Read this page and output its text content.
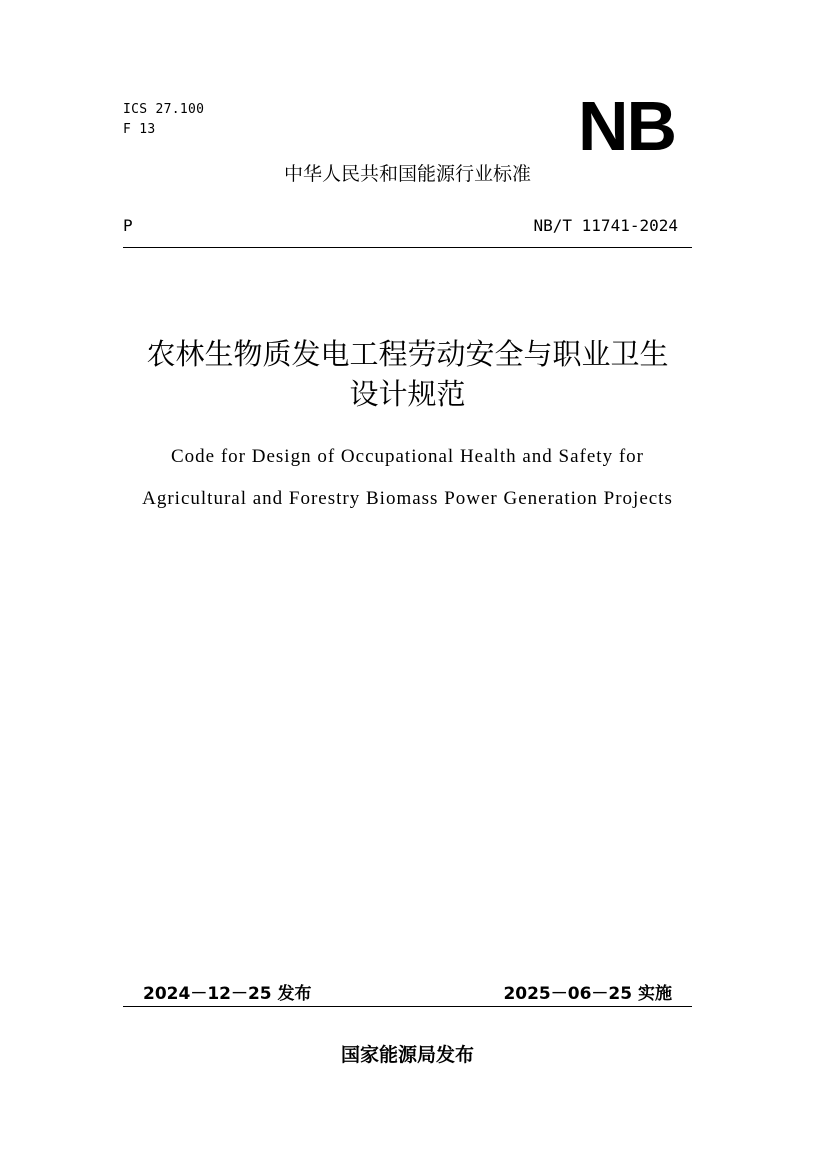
ICS 27.100
F 13	NB
中华人民共和国能源行业标准
P	NB/T 11741-2024
农林生物质发电工程劳动安全与职业卫生
设计规范
Code for Design of Occupational Health and Safety for
Agricultural and Forestry Biomass Power Generation Projects
2024－12－25 发布	2025－06－25 实施
国家能源局发布
